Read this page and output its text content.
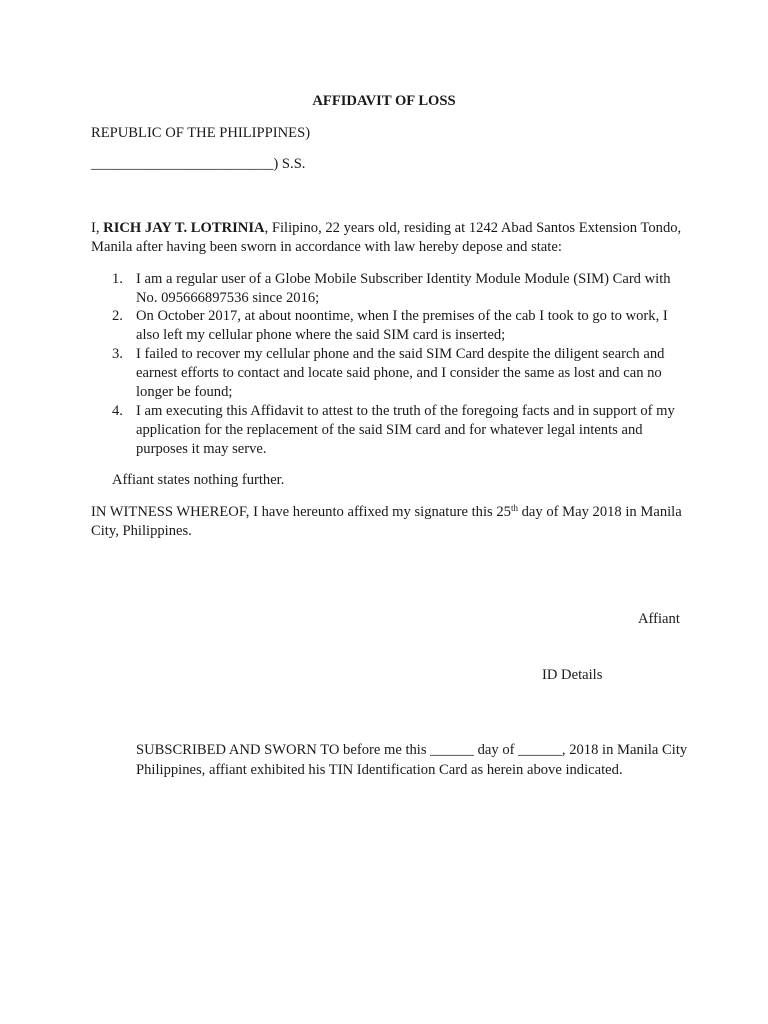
AFFIDAVIT OF LOSS
REPUBLIC OF THE PHILIPPINES)
_________________________) S.S.
I, RICH JAY T. LOTRINIA, Filipino, 22 years old, residing at 1242 Abad Santos Extension Tondo,
Manila after having been sworn in accordance with law hereby depose and state:
1. I am a regular user of a Globe Mobile Subscriber Identity Module Module (SIM) Card with No. 095666897536 since 2016;
2. On October 2017, at about noontime, when I the premises of the cab I took to go to work, I also left my cellular phone where the said SIM card is inserted;
3. I failed to recover my cellular phone and the said SIM Card despite the diligent search and earnest efforts to contact and locate said phone, and I consider the same as lost and can no longer be found;
4. I am executing this Affidavit to attest to the truth of the foregoing facts and in support of my application for the replacement of the said SIM card and for whatever legal intents and purposes it may serve.
Affiant states nothing further.
IN WITNESS WHEREOF, I have hereunto affixed my signature this 25th day of May 2018 in Manila
City, Philippines.
Affiant
ID Details
SUBSCRIBED AND SWORN TO before me this ______ day of ______, 2018 in Manila City
Philippines, affiant exhibited his TIN Identification Card as herein above indicated.
